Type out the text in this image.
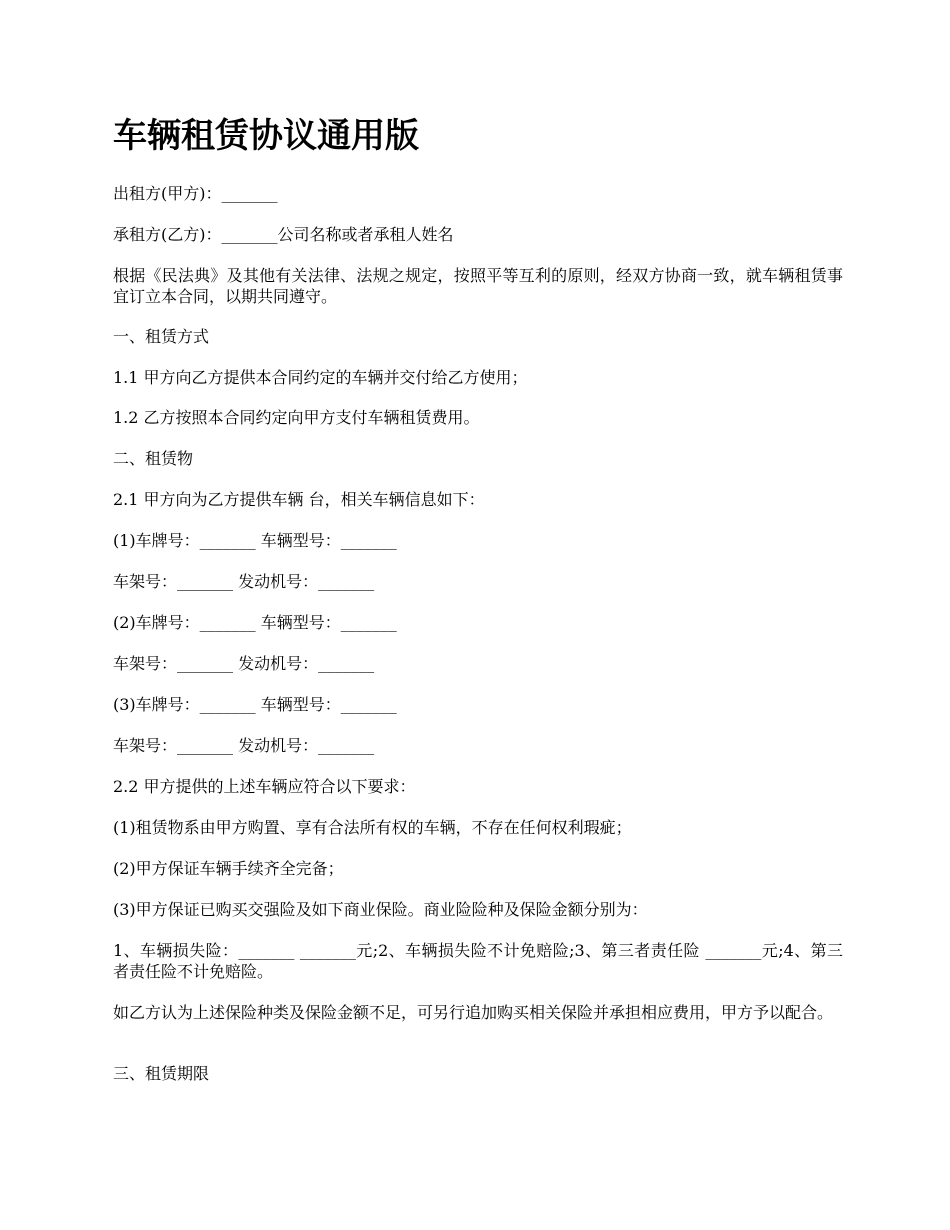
车辆租赁协议通用版

出租方(甲方)：_______

承租方(乙方)：_______公司名称或者承租人姓名

根据《民法典》及其他有关法律、法规之规定，按照平等互利的原则，经双方协商一致，就车辆租赁事宜订立本合同，以期共同遵守。

一、租赁方式

1.1 甲方向乙方提供本合同约定的车辆并交付给乙方使用；

1.2 乙方按照本合同约定向甲方支付车辆租赁费用。

二、租赁物

2.1 甲方向为乙方提供车辆 台，相关车辆信息如下：

(1)车牌号：_______ 车辆型号：_______

车架号：_______ 发动机号：_______

(2)车牌号：_______ 车辆型号：_______

车架号：_______ 发动机号：_______

(3)车牌号：_______ 车辆型号：_______

车架号：_______ 发动机号：_______

2.2 甲方提供的上述车辆应符合以下要求：

(1)租赁物系由甲方购置、享有合法所有权的车辆，不存在任何权利瑕疵；

(2)甲方保证车辆手续齐全完备；

(3)甲方保证已购买交强险及如下商业保险。商业险险种及保险金额分别为：

1、车辆损失险：_______ _______元;2、车辆损失险不计免赔险;3、第三者责任险 _______元;4、第三者责任险不计免赔险。

如乙方认为上述保险种类及保险金额不足，可另行追加购买相关保险并承担相应费用，甲方予以配合。

三、租赁期限
